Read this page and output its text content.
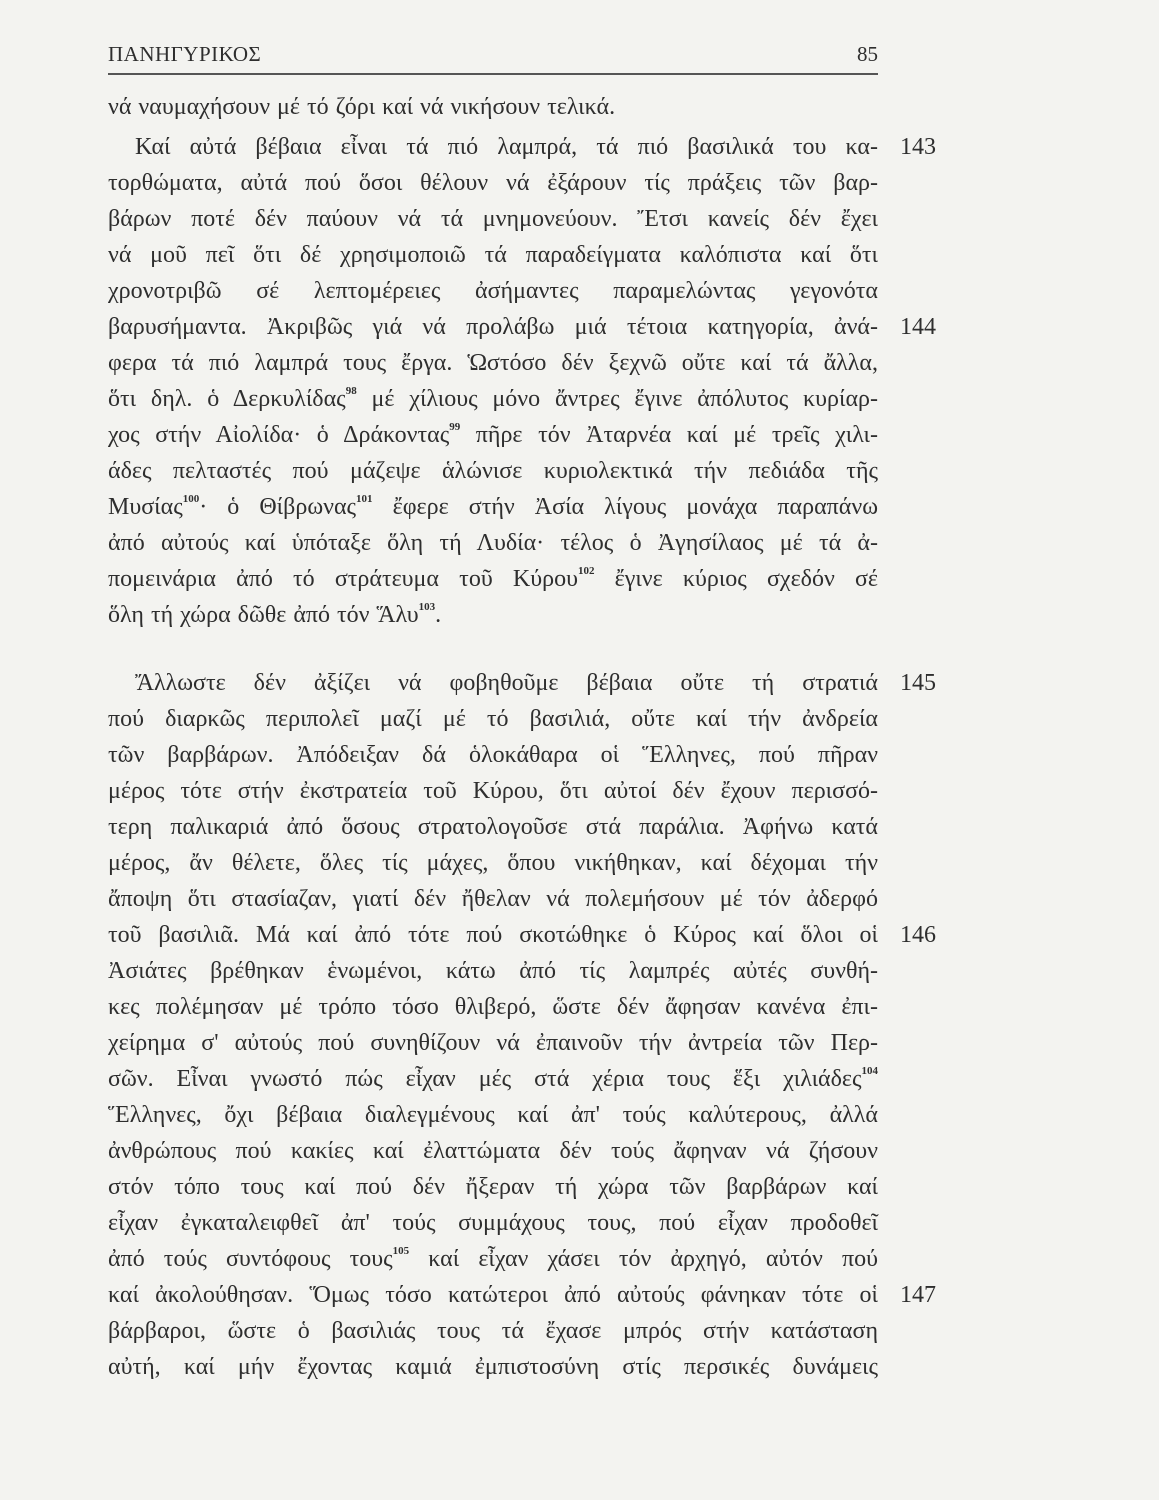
ΠΑΝΗΓΥΡΙΚΟΣ	85
νά ναυμαχήσουν μέ τό ζόρι καί νά νικήσουν τελικά.
Καί αὐτά βέβαια εἶναι τά πιό λαμπρά, τά πιό βασιλικά του κα- 143
τορθώματα, αὐτά πού ὅσοι θέλουν νά ἐξάρουν τίς πράξεις τῶν βαρ-
βάρων ποτέ δέν παύουν νά τά μνημονεύουν. Ἔτσι κανείς δέν ἔχει
νά μοῦ πεῖ ὅτι δέ χρησιμοποιῶ τά παραδείγματα καλόπιστα καί ὅτι
χρονοτριβῶ σέ λεπτομέρειες ἀσήμαντες παραμελώντας γεγονότα
βαρυσήμαντα. Ἀκριβῶς γιά νά προλάβω μιά τέτοια κατηγορία, ἀνά- 144
φερα τά πιό λαμπρά τους ἔργα. Ὡστόσο δέν ξεχνῶ οὔτε καί τά ἄλλα,
ὅτι δηλ. ὁ Δερκυλίδας$^{98}$ μέ χίλιους μόνο ἄντρες ἔγινε ἀπόλυτος κυρίαρ-
χος στήν Αἰολίδα· ὁ Δράκοντας$^{99}$ πῆρε τόν Ἀταρνέα καί μέ τρεῖς χιλι-
άδες πελταστές πού μάζεψε ἁλώνισε κυριολεκτικά τήν πεδιάδα τῆς
Μυσίας$^{100}$· ὁ Θίβρωνας$^{101}$ ἔφερε στήν Ἀσία λίγους μονάχα παραπάνω
ἀπό αὐτούς καί ὑπόταξε ὅλη τή Λυδία· τέλος ὁ Ἀγησίλαος μέ τά ἀ-
πομεινάρια ἀπό τό στράτευμα τοῦ Κύρου$^{102}$ ἔγινε κύριος σχεδόν σέ
ὅλη τή χώρα δῶθε ἀπό τόν Ἅλυ$^{103}$.
Ἄλλωστε δέν ἀξίζει νά φοβηθοῦμε βέβαια οὔτε τή στρατιά 145
πού διαρκῶς περιπολεῖ μαζί μέ τό βασιλιά, οὔτε καί τήν ἀνδρεία
τῶν βαρβάρων. Ἀπόδειξαν δά ὁλοκάθαρα οἱ Ἕλληνες, πού πῆραν
μέρος τότε στήν ἐκστρατεία τοῦ Κύρου, ὅτι αὐτοί δέν ἔχουν περισσό-
τερη παλικαριά ἀπό ὅσους στρατολογοῦσε στά παράλια. Ἀφήνω κατά
μέρος, ἄν θέλετε, ὅλες τίς μάχες, ὅπου νικήθηκαν, καί δέχομαι τήν
ἄποψη ὅτι στασίαζαν, γιατί δέν ἤθελαν νά πολεμήσουν μέ τόν ἀδερφό
τοῦ βασιλιᾶ. Μά καί ἀπό τότε πού σκοτώθηκε ὁ Κύρος καί ὅλοι οἱ 146
Ἀσιάτες βρέθηκαν ἑνωμένοι, κάτω ἀπό τίς λαμπρές αὐτές συνθή-
κες πολέμησαν μέ τρόπο τόσο θλιβερό, ὥστε δέν ἄφησαν κανένα ἐπι-
χείρημα σ' αὐτούς πού συνηθίζουν νά ἐπαινοῦν τήν ἀντρεία τῶν Περ-
σῶν. Εἶναι γνωστό πώς εἶχαν μές στά χέρια τους ἕξι χιλιάδες$^{104}$
Ἕλληνες, ὄχι βέβαια διαλεγμένους καί ἀπ' τούς καλύτερους, ἀλλά
ἀνθρώπους πού κακίες καί ἐλαττώματα δέν τούς ἄφηναν νά ζήσουν
στόν τόπο τους καί πού δέν ἤξεραν τή χώρα τῶν βαρβάρων καί
εἶχαν ἐγκαταλειφθεῖ ἀπ' τούς συμμάχους τους, πού εἶχαν προδοθεῖ
ἀπό τούς συντόφους τους$^{105}$ καί εἶχαν χάσει τόν ἀρχηγό, αὐτόν πού
καί ἀκολούθησαν. Ὅμως τόσο κατώτεροι ἀπό αὐτούς φάνηκαν τότε οἱ 147
βάρβαροι, ὥστε ὁ βασιλιάς τους τά ἔχασε μπρός στήν κατάσταση
αὐτή, καί μήν ἔχοντας καμιά ἐμπιστοσύνη στίς περσικές δυνάμεις
